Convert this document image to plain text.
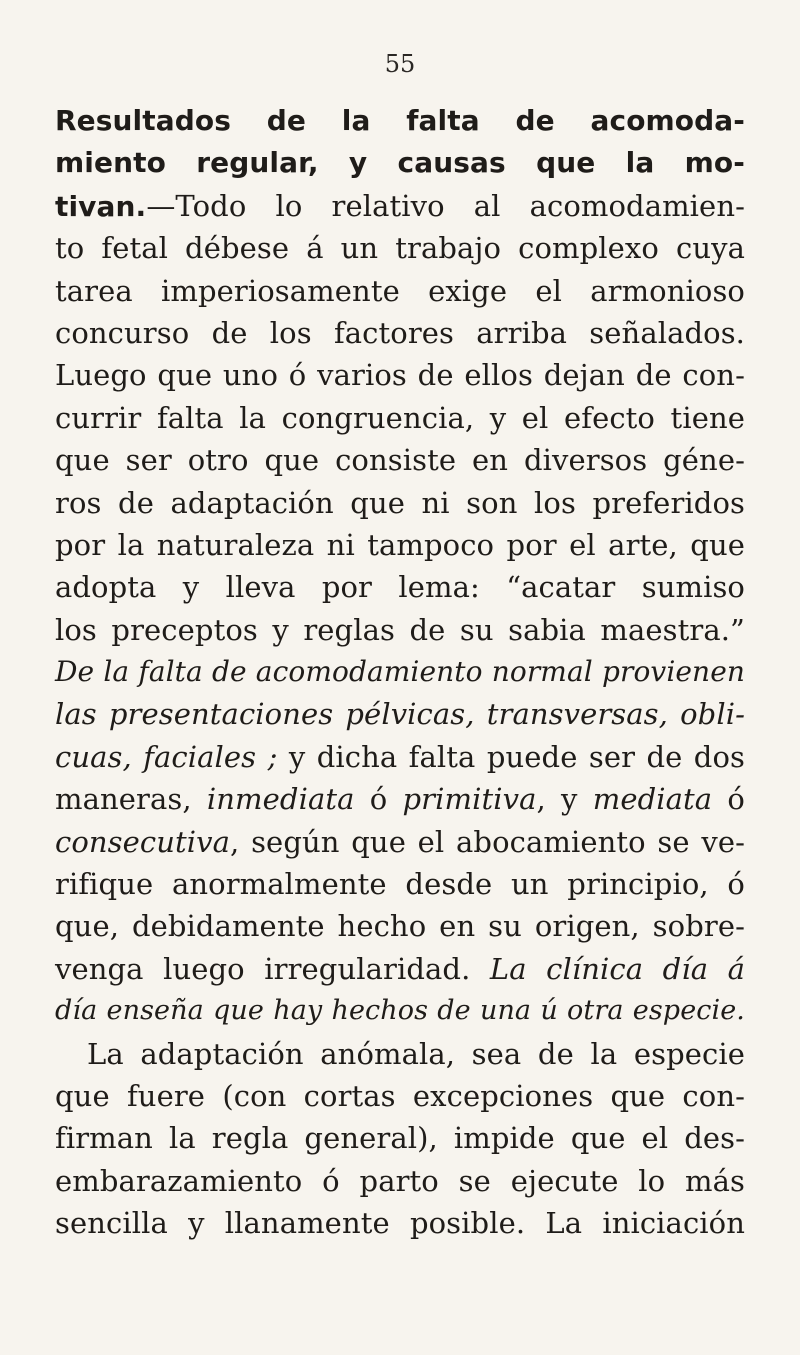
55
Resultados de la falta de acomoda-
miento regular, y causas que la mo-
tivan.—Todo lo relativo al acomodamien-
to fetal débese á un trabajo complexo cuya
tarea imperiosamente exige el armonioso
concurso de los factores arriba señalados.
Luego que uno ó varios de ellos dejan de con-
currir falta la congruencia, y el efecto tiene
que ser otro que consiste en diversos géne-
ros de adaptación que ni son los preferidos
por la naturaleza ni tampoco por el arte, que
adopta y lleva por lema: “acatar sumiso
los preceptos y reglas de su sabia maestra.”
De la falta de acomodamiento normal provienen
las presentaciones pélvicas, transversas, obli-
cuas, faciales ; y dicha falta puede ser de dos
maneras, inmediata ó primitiva, y mediata ó
consecutiva, según que el abocamiento se ve-
rifique anormalmente desde un principio, ó
que, debidamente hecho en su origen, sobre-
venga luego irregularidad. La clínica día á
día enseña que hay hechos de una ú otra especie.
La adaptación anómala, sea de la especie
que fuere (con cortas excepciones que con-
firman la regla general), impide que el des-
embarazamiento ó parto se ejecute lo más
sencilla y llanamente posible. La iniciación
